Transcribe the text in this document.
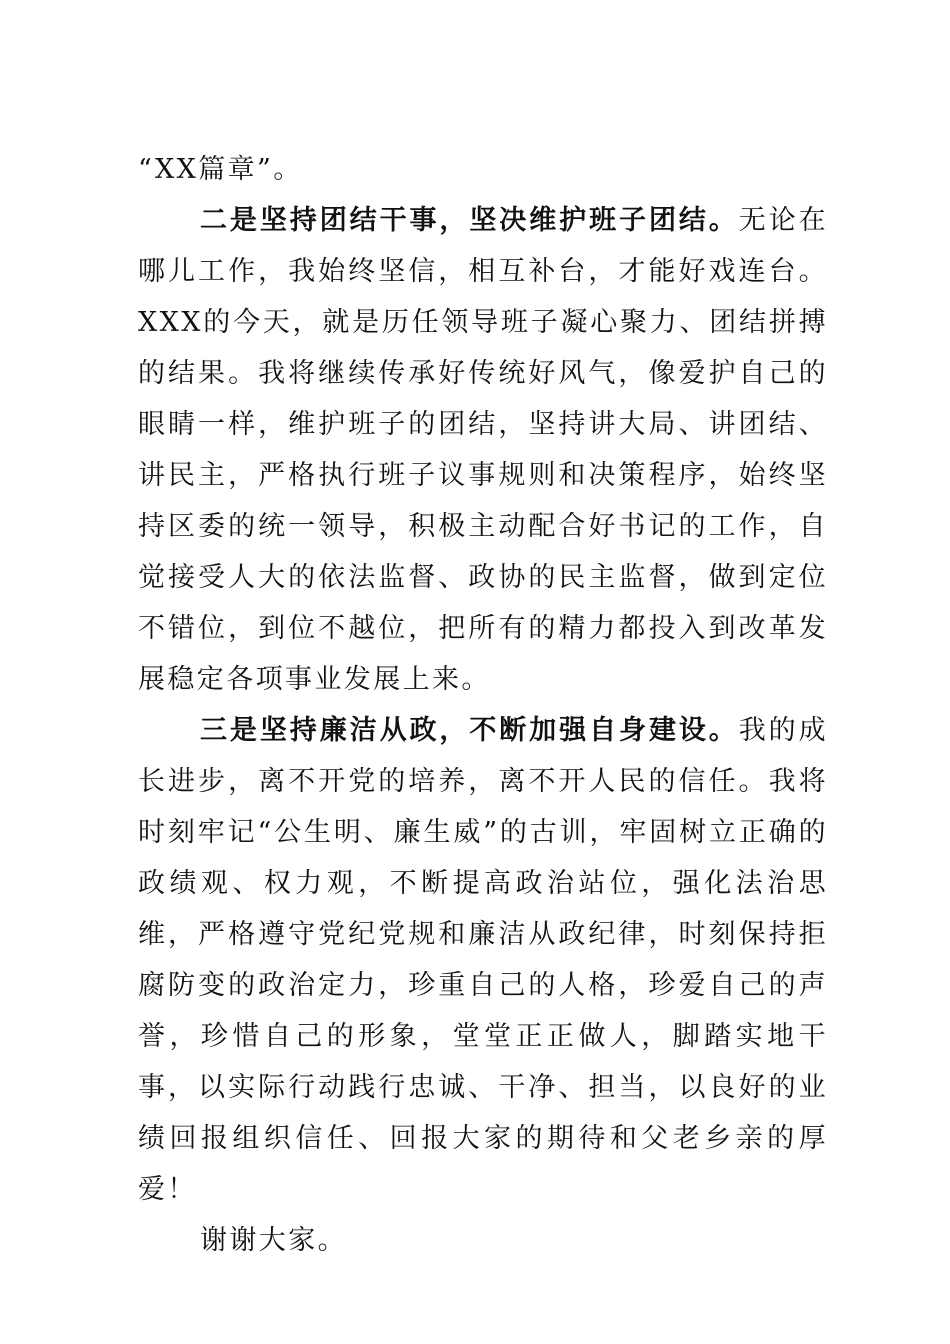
“XX篇章”。

二是坚持团结干事，坚决维护班子团结。无论在哪儿工作，我始终坚信，相互补台，才能好戏连台。XXX的今天，就是历任领导班子凝心聚力、团结拼搏的结果。我将继续传承好传统好风气，像爱护自己的眼睛一样，维护班子的团结，坚持讲大局、讲团结、讲民主，严格执行班子议事规则和决策程序，始终坚持区委的统一领导，积极主动配合好书记的工作，自觉接受人大的依法监督、政协的民主监督，做到定位不错位，到位不越位，把所有的精力都投入到改革发展稳定各项事业发展上来。

三是坚持廉洁从政，不断加强自身建设。我的成长进步，离不开党的培养，离不开人民的信任。我将时刻牢记“公生明、廉生威”的古训，牢固树立正确的政绩观、权力观，不断提高政治站位，强化法治思维，严格遵守党纪党规和廉洁从政纪律，时刻保持拒腐防变的政治定力，珍重自己的人格，珍爱自己的声誉，珍惜自己的形象，堂堂正正做人，脚踏实地干事，以实际行动践行忠诚、干净、担当，以良好的业绩回报组织信任、回报大家的期待和父老乡亲的厚爱！

谢谢大家。
